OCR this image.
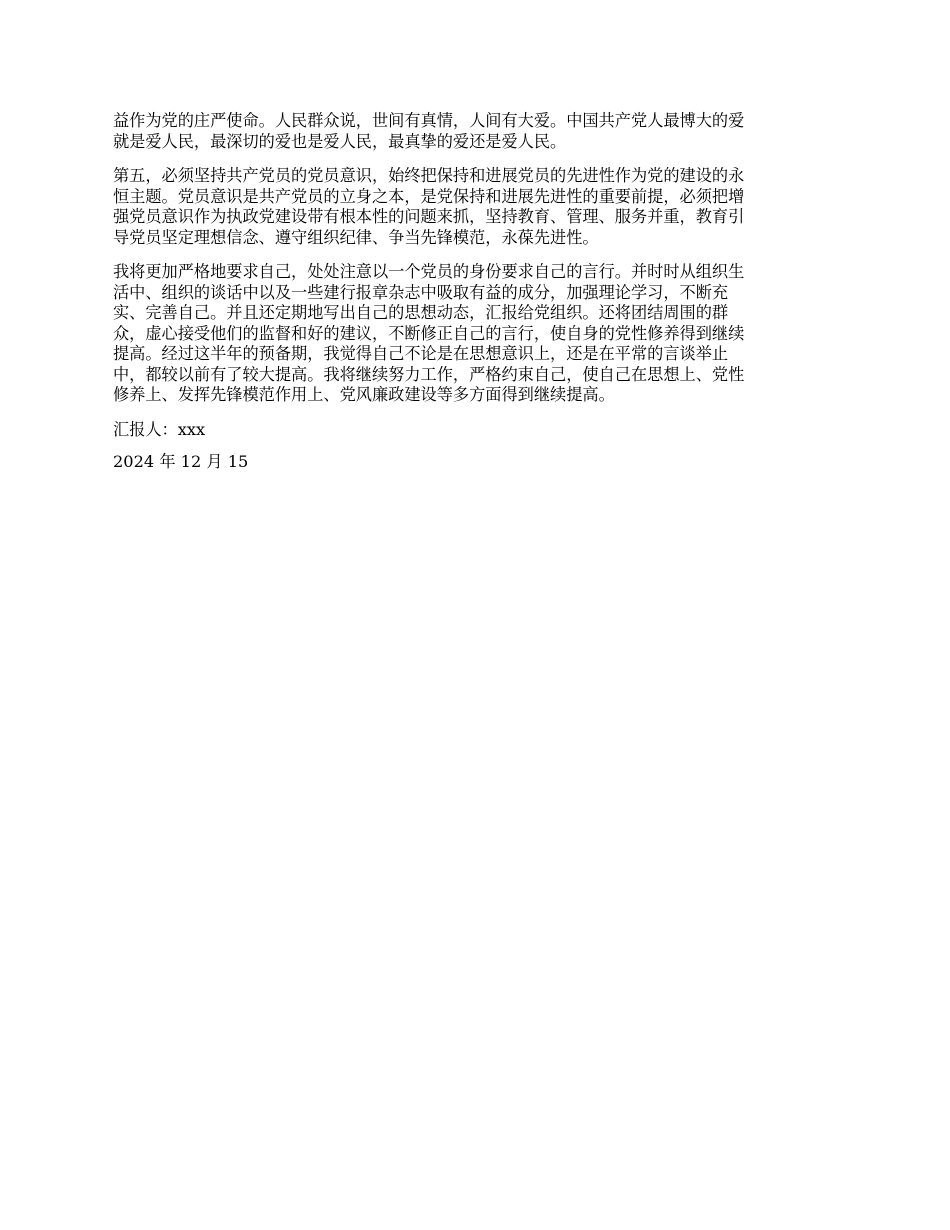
益作为党的庄严使命。人民群众说，世间有真情，人间有大爱。中国共产党人最博大的爱
就是爱人民，最深切的爱也是爱人民，最真挚的爱还是爱人民。

第五，必须坚持共产党员的党员意识，始终把保持和进展党员的先进性作为党的建设的永
恒主题。党员意识是共产党员的立身之本，是党保持和进展先进性的重要前提，必须把增
强党员意识作为执政党建设带有根本性的问题来抓，坚持教育、管理、服务并重，教育引
导党员坚定理想信念、遵守组织纪律、争当先锋模范，永葆先进性。

我将更加严格地要求自己，处处注意以一个党员的身份要求自己的言行。并时时从组织生
活中、组织的谈话中以及一些建行报章杂志中吸取有益的成分，加强理论学习，不断充
实、完善自己。并且还定期地写出自己的思想动态，汇报给党组织。还将团结周围的群
众，虚心接受他们的监督和好的建议，不断修正自己的言行，使自身的党性修养得到继续
提高。经过这半年的预备期，我觉得自己不论是在思想意识上，还是在平常的言谈举止
中，都较以前有了较大提高。我将继续努力工作，严格约束自己，使自己在思想上、党性
修养上、发挥先锋模范作用上、党风廉政建设等多方面得到继续提高。

汇报人：xxx

2024 年 12 月 15
